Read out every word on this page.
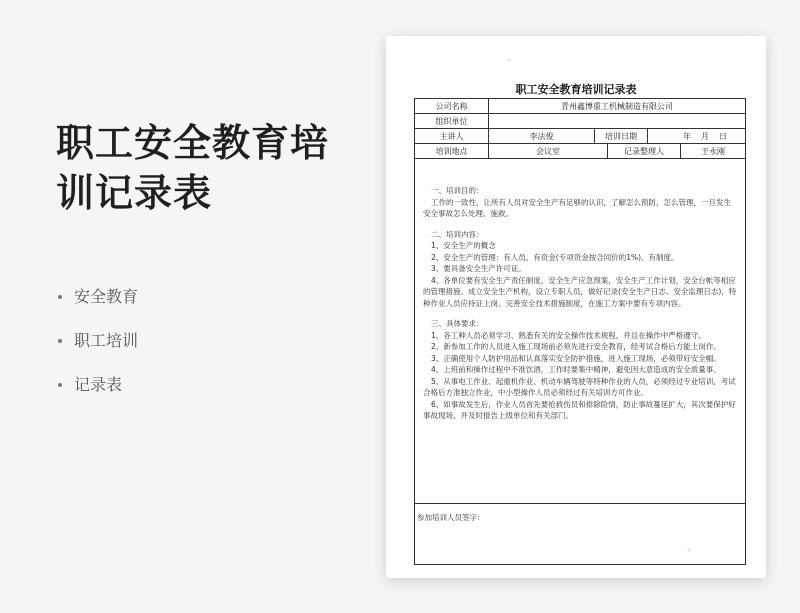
职工安全教育培训记录表
安全教育
职工培训
记录表
✦
✦
职工安全教育培训记录表
公司名称	青州鑫博重工机械制造有限公司
组织单位
主讲人	李法俊	培训日期	年 月 日
培训地点	会议室	记录整理人	王永刚
一、培训目的：
工作的一致性，让所有人员对安全生产有足够的认识，了解怎么预防，怎么管理，一旦发生安全事故怎么处理、施救。
二、培训内容：
1、安全生产的概念
2、安全生产的管理：有人员、有资金(专项资金按合同价的1%)、有制度。
3、要具备安全生产许可证。
4、各单位要有安全生产责任制度，安全生产应急预案，安全生产工作计划，安全台帐等相应的管理措施。成立安全生产机构，设立专职人员，做好记录(安全生产日志、安全监理日志)，特种作业人员应持证上岗。完善安全技术措施制度，在施工方案中要有专项内容。
三、具体要求：
1、各工种人员必须学习、熟悉有关的安全操作技术规程，并且在操作中严格遵守。
2、新参加工作的人员进入施工现场前必须先进行安全教育，经考试合格后方能上岗作。
3、正确使用个人防护用品和认真落实安全防护措施，进入施工现场，必须带好安全帽。
4、上班前和操作过程中不准饮酒，工作时要集中精神，避免因大意造成的安全质量事。
5、从事电工作业、起重机作业、机动车辆驾驶等特种作业的人员，必须经过专业培训，考试合格后方准独立作业，中小型操作人员必须经过有关培训方可作业。
6、如事故发生后，作业人员首先要抢救伤员和排除险情，防止事故蔓延扩大，其次要保护好事故现场，并及时报告上级单位和有关部门。
参加培训人员签字：
